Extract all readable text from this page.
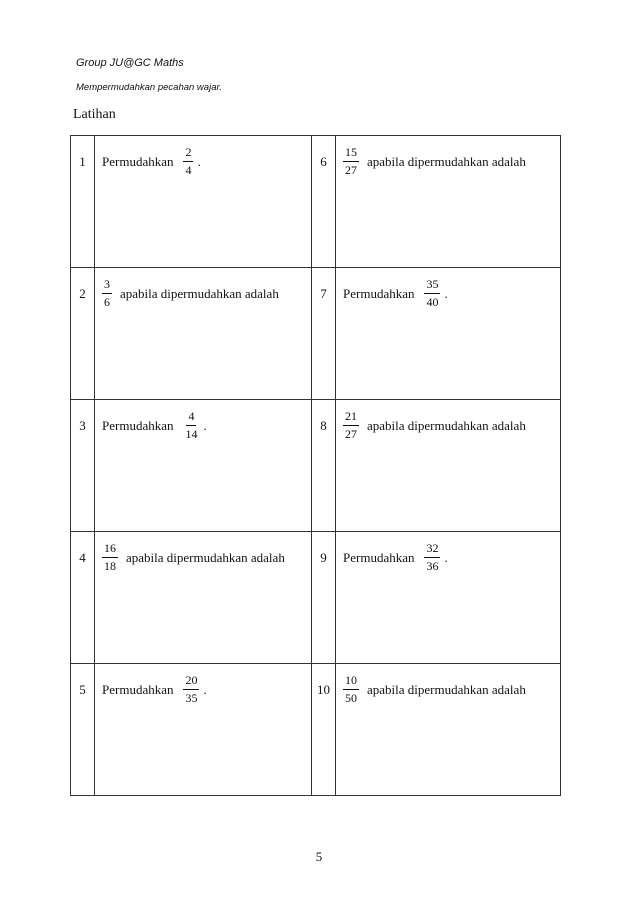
Group JU@GC Maths
Mempermudahkan pecahan wajar.
Latihan
1	Permudahkan $\frac{2}{4}$ .	6	$\frac{15}{27}$ apabila dipermudahkan adalah

2	$\frac{3}{6}$ apabila dipermudahkan adalah	7	Permudahkan $\frac{35}{40}$ .

3	Permudahkan $\frac{4}{14}$ .	8	$\frac{21}{27}$ apabila dipermudahkan adalah

4	$\frac{16}{18}$ apabila dipermudahkan adalah	9	Permudahkan $\frac{32}{36}$ .

5	Permudahkan $\frac{20}{35}$ .	10	$\frac{10}{50}$ apabila dipermudahkan adalah
5
